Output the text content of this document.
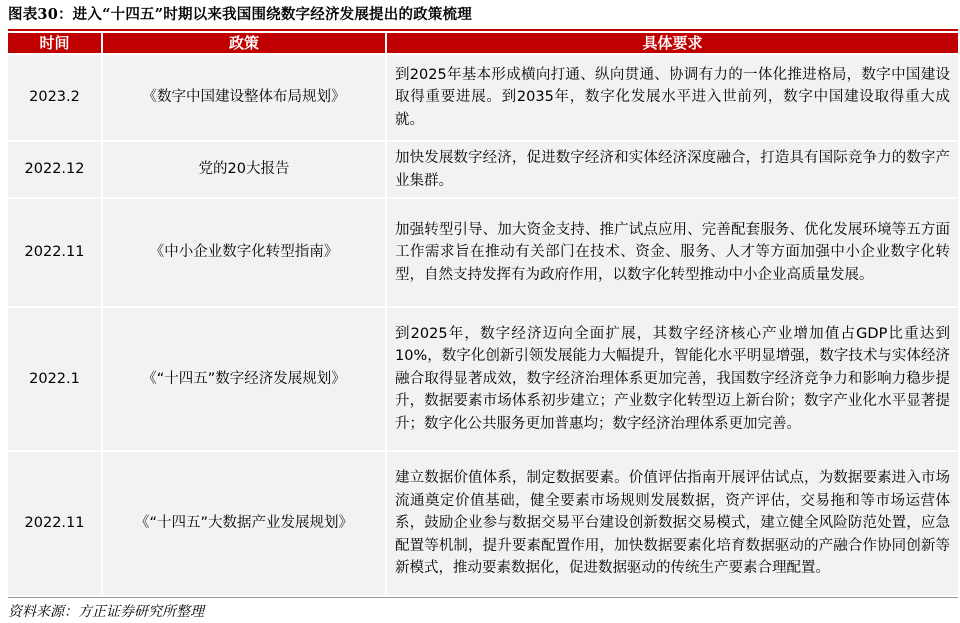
图表30：进入“十四五”时期以来我国围绕数字经济发展提出的政策梳理
时间	政策	具体要求
2023.2	《数字中国建设整体布局规划》	到2025年基本形成横向打通、纵向贯通、协调有力的一体化推进格局，数字中国建设取得重要进展。到2035年，数字化发展水平进入世前列，数字中国建设取得重大成就。
2022.12	党的20大报告	加快发展数字经济，促进数字经济和实体经济深度融合，打造具有国际竞争力的数字产业集群。
2022.11	《中小企业数字化转型指南》	加强转型引导、加大资金支持、推广试点应用、完善配套服务、优化发展环境等五方面工作需求旨在推动有关部门在技术、资金、服务、人才等方面加强中小企业数字化转型，自然支持发挥有为政府作用，以数字化转型推动中小企业高质量发展。
2022.1	《“十四五”数字经济发展规划》	到2025年，数字经济迈向全面扩展，其数字经济核心产业增加值占GDP比重达到10%，数字化创新引领发展能力大幅提升，智能化水平明显增强，数字技术与实体经济融合取得显著成效，数字经济治理体系更加完善，我国数字经济竞争力和影响力稳步提升，数据要素市场体系初步建立；产业数字化转型迈上新台阶；数字产业化水平显著提升；数字化公共服务更加普惠均；数字经济治理体系更加完善。
2022.11	《“十四五”大数据产业发展规划》	建立数据价值体系，制定数据要素。价值评估指南开展评估试点，为数据要素进入市场流通奠定价值基础，健全要素市场规则发展数据，资产评估，交易拖和等市场运营体系，鼓励企业参与数据交易平台建设创新数据交易模式，建立健全风险防范处置，应急配置等机制，提升要素配置作用，加快数据要素化培育数据驱动的产融合作协同创新等新模式，推动要素数据化，促进数据驱动的传统生产要素合理配置。
资料来源：方正证券研究所整理
